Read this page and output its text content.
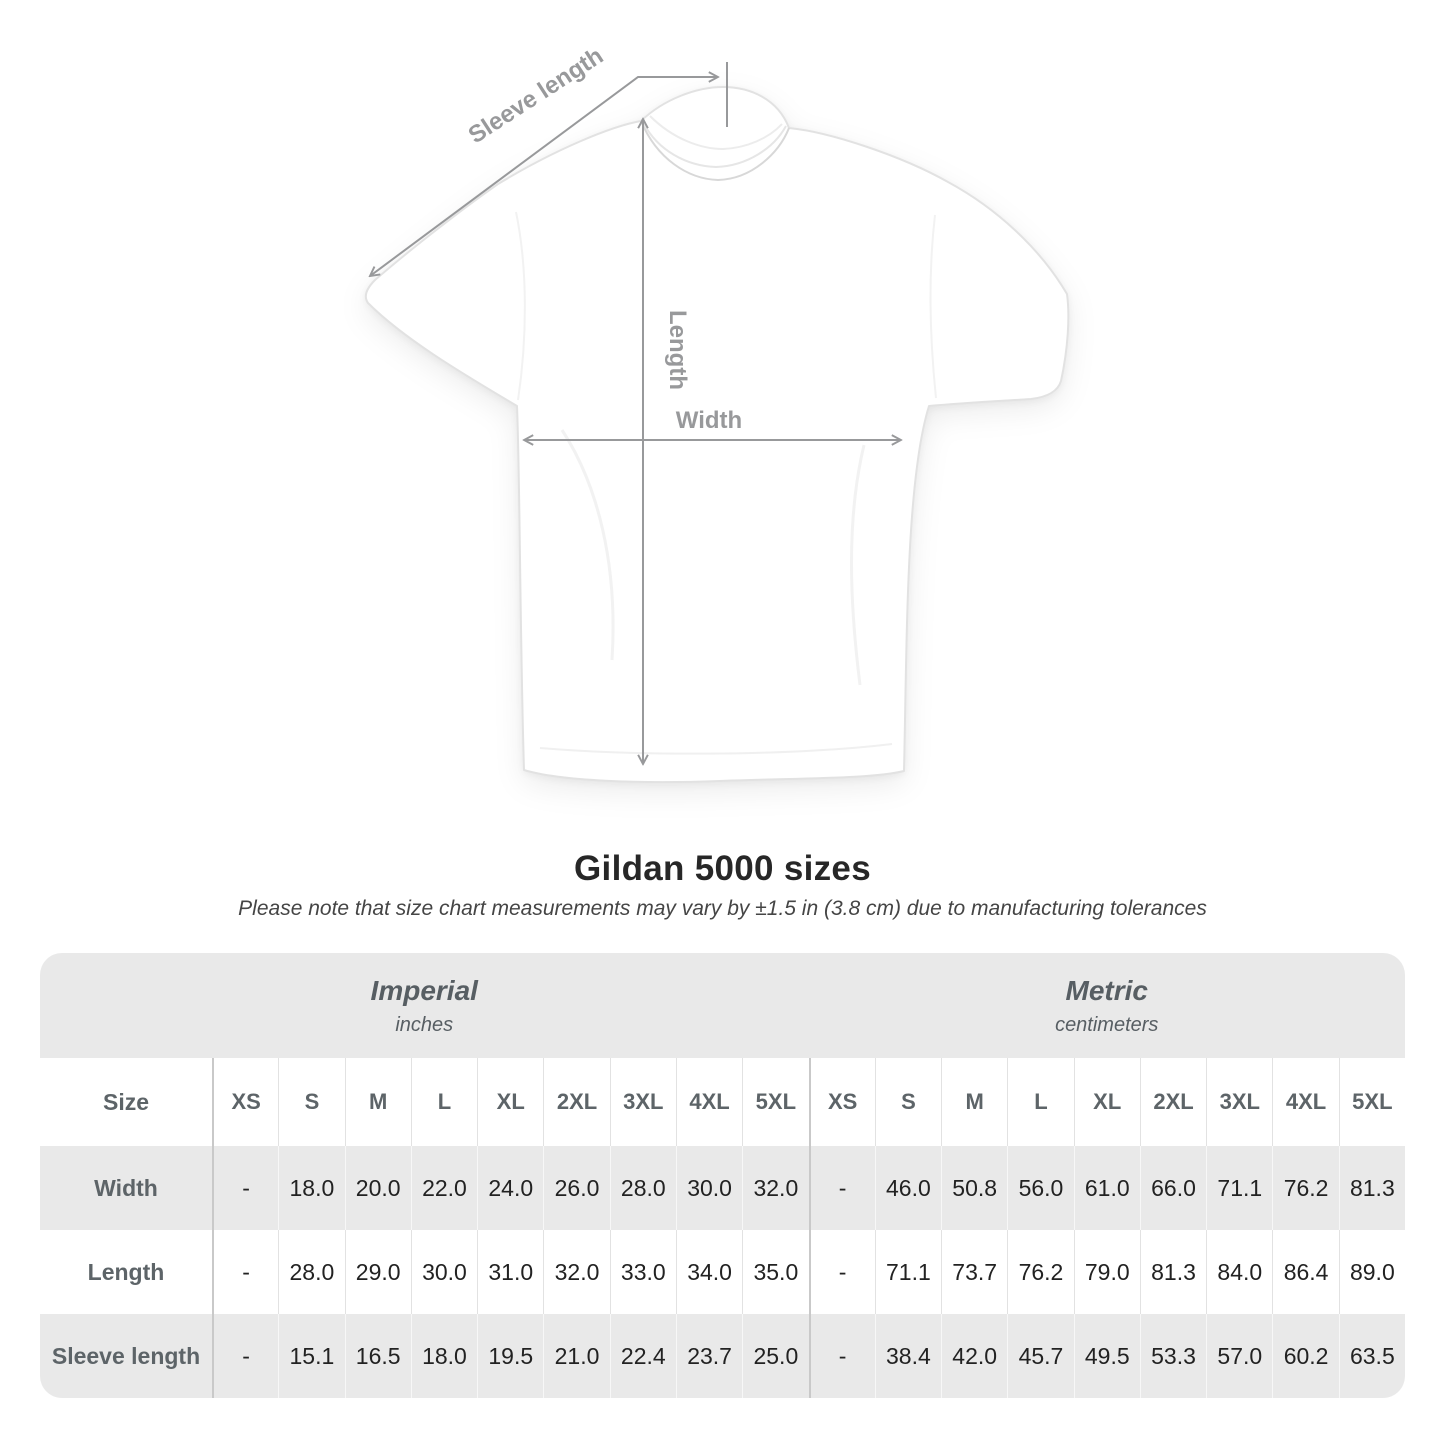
Width
Length
Sleeve length
Gildan 5000 sizes
Please note that size chart measurements may vary by ±1.5 in (3.8 cm) due to manufacturing tolerances
Imperial
inches
Metric
centimeters
Size	XS	S	M	L	XL	2XL	3XL	4XL	5XL	XS	S	M	L	XL	2XL	3XL	4XL	5XL
Width	-	18.0 20.0 22.0 24.0 26.0 28.0 30.0 32.0	-	46.0 50.8 56.0 61.0 66.0 71.1 76.2 81.3
Length	-	28.0 29.0 30.0 31.0 32.0 33.0 34.0 35.0	-	71.1 73.7 76.2 79.0 81.3 84.0 86.4 89.0
Sleeve length	-	15.1 16.5 18.0 19.5 21.0 22.4 23.7 25.0	-	38.4 42.0 45.7 49.5 53.3 57.0 60.2 63.5
